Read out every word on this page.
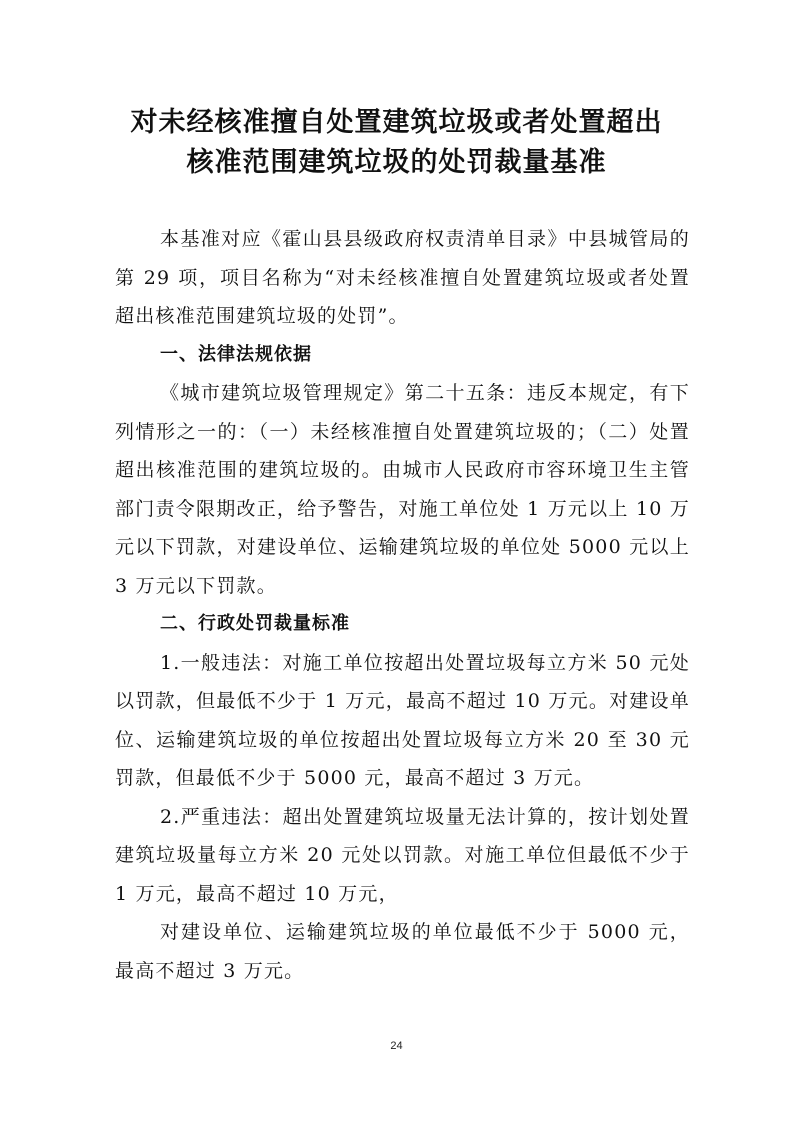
对未经核准擅自处置建筑垃圾或者处置超出
核准范围建筑垃圾的处罚裁量基准

本基准对应《霍山县县级政府权责清单目录》中县城管局的第 29 项，项目名称为“对未经核准擅自处置建筑垃圾或者处置超出核准范围建筑垃圾的处罚”。

一、法律法规依据

《城市建筑垃圾管理规定》第二十五条：违反本规定，有下列情形之一的：（一）未经核准擅自处置建筑垃圾的；（二）处置超出核准范围的建筑垃圾的。由城市人民政府市容环境卫生主管部门责令限期改正，给予警告，对施工单位处 1 万元以上 10 万元以下罚款，对建设单位、运输建筑垃圾的单位处 5000 元以上 3 万元以下罚款。

二、行政处罚裁量标准

1.一般违法：对施工单位按超出处置垃圾每立方米 50 元处以罚款，但最低不少于 1 万元，最高不超过 10 万元。对建设单位、运输建筑垃圾的单位按超出处置垃圾每立方米 20 至 30 元罚款，但最低不少于 5000 元，最高不超过 3 万元。

2.严重违法：超出处置建筑垃圾量无法计算的，按计划处置建筑垃圾量每立方米 20 元处以罚款。对施工单位但最低不少于 1 万元，最高不超过 10 万元，

对建设单位、运输建筑垃圾的单位最低不少于 5000 元，最高不超过 3 万元。

24
